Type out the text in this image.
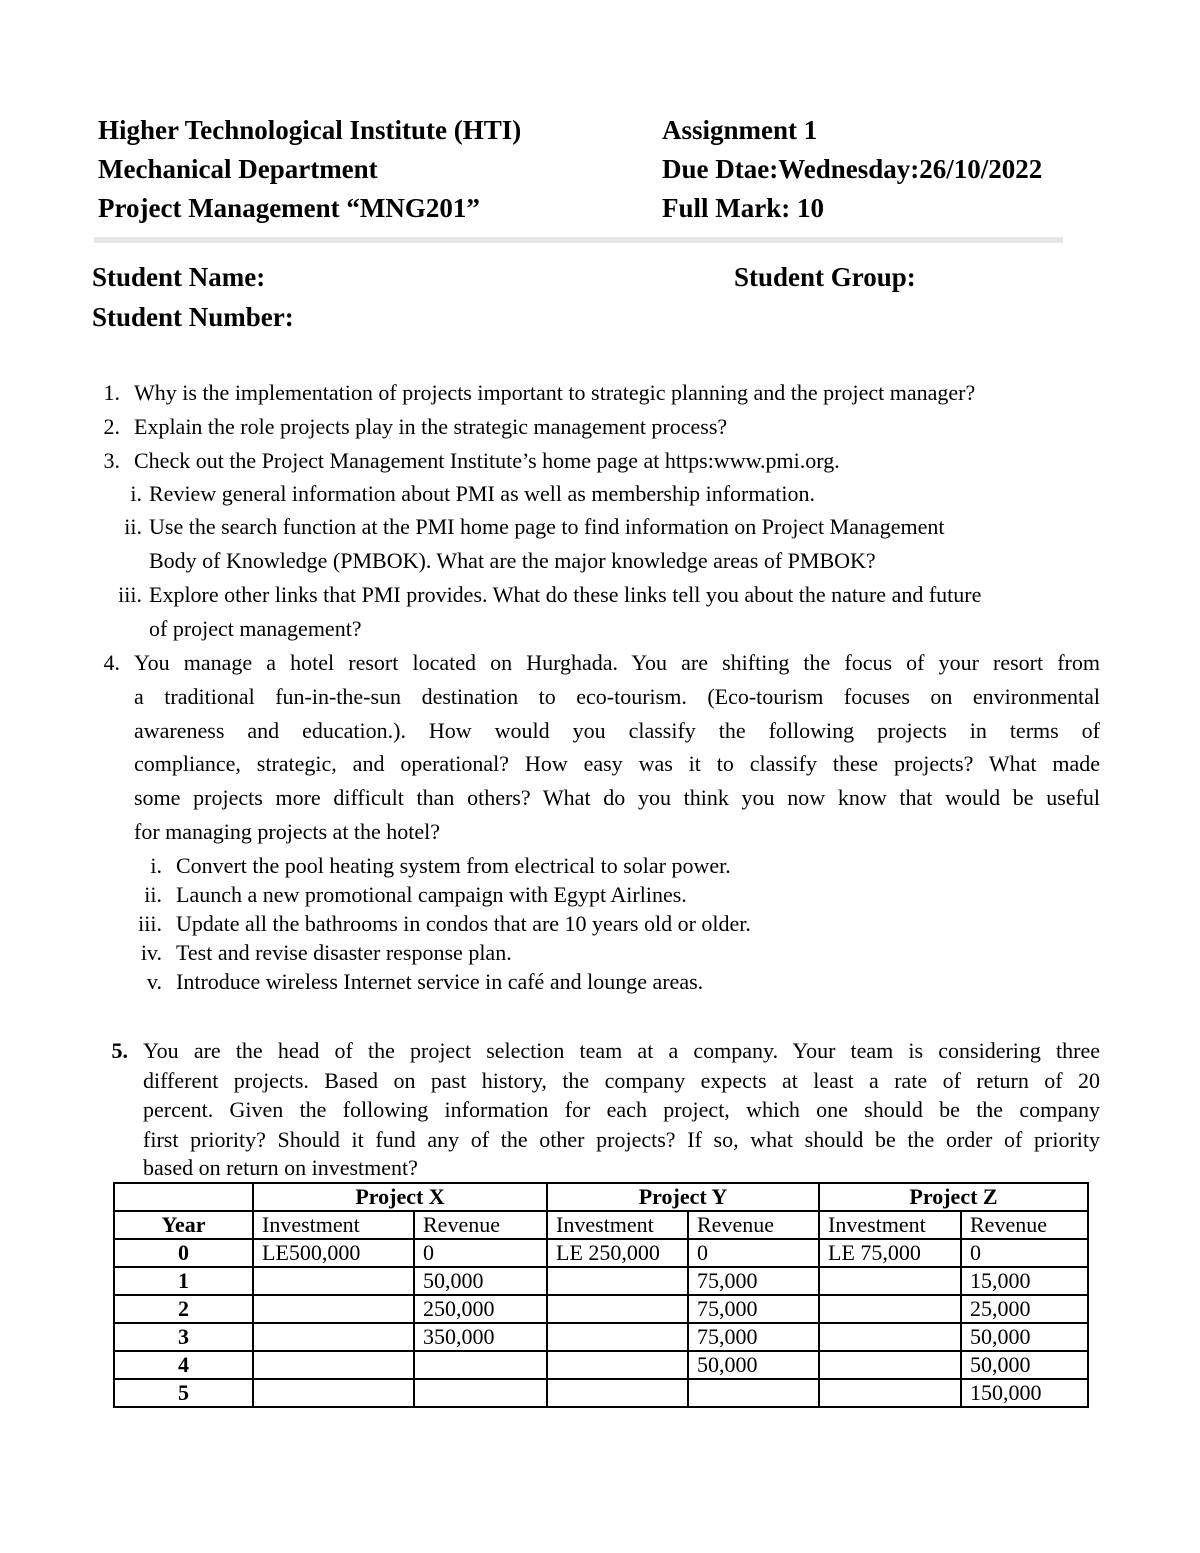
Higher Technological Institute (HTI)
Mechanical Department
Project Management “MNG201”
Assignment 1
Due Dtae:Wednesday:26/10/2022
Full Mark: 10
Student Name:	Student Group:
Student Number:
1. Why is the implementation of projects important to strategic planning and the project manager?
2. Explain the role projects play in the strategic management process?
3. Check out the Project Management Institute’s home page at https:www.pmi.org.
i. Review general information about PMI as well as membership information.
ii. Use the search function at the PMI home page to find information on Project Management
Body of Knowledge (PMBOK). What are the major knowledge areas of PMBOK?
iii. Explore other links that PMI provides. What do these links tell you about the nature and future
of project management?
4. You manage a hotel resort located on Hurghada. You are shifting the focus of your resort from
a traditional fun-in-the-sun destination to eco-tourism. (Eco-tourism focuses on environmental
awareness and education.). How would you classify the following projects in terms of
compliance, strategic, and operational? How easy was it to classify these projects? What made
some projects more difficult than others? What do you think you now know that would be useful
for managing projects at the hotel?
i. Convert the pool heating system from electrical to solar power.
ii. Launch a new promotional campaign with Egypt Airlines.
iii. Update all the bathrooms in condos that are 10 years old or older.
iv. Test and revise disaster response plan.
v. Introduce wireless Internet service in café and lounge areas.
5. You are the head of the project selection team at a company. Your team is considering three
different projects. Based on past history, the company expects at least a rate of return of 20
percent. Given the following information for each project, which one should be the company
first priority? Should it fund any of the other projects? If so, what should be the order of priority
based on return on investment?
	Project X		Project Y		Project Z	
Year	Investment	Revenue	Investment	Revenue	Investment	Revenue
0	LE500,000	0	LE 250,000	0	LE 75,000	0
1		50,000		75,000		15,000
2		250,000		75,000		25,000
3		350,000		75,000		50,000
4				50,000		50,000
5						150,000
